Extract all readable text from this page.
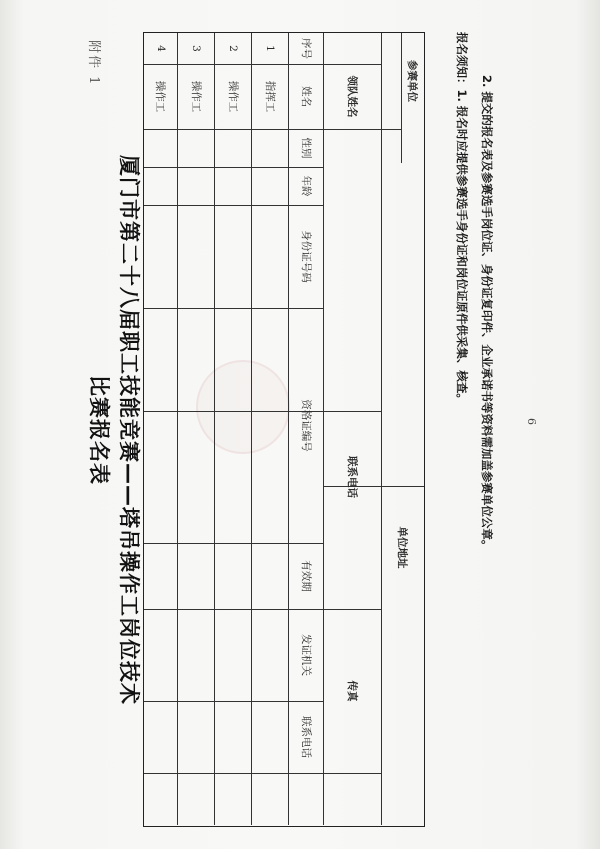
附件 1
厦门市第二十八届职工技能竞赛——塔吊操作工岗位技术比赛报名表
参赛单位
单位地址
领队姓名
联系电话
传真
序号
姓名
性别
年龄
身份证号码
资格证编号
有效期
发证机关
联系电话
1
指挥工
2
操作工
3
操作工
4
操作工	报名须知：1. 报名时应提供参赛选手身份证和岗位证原件供采集、核查。 2. 提交的报名表及参赛选手岗位证、身份证复印件、企业承诺书等资料需加盖参赛单位公章。	6
